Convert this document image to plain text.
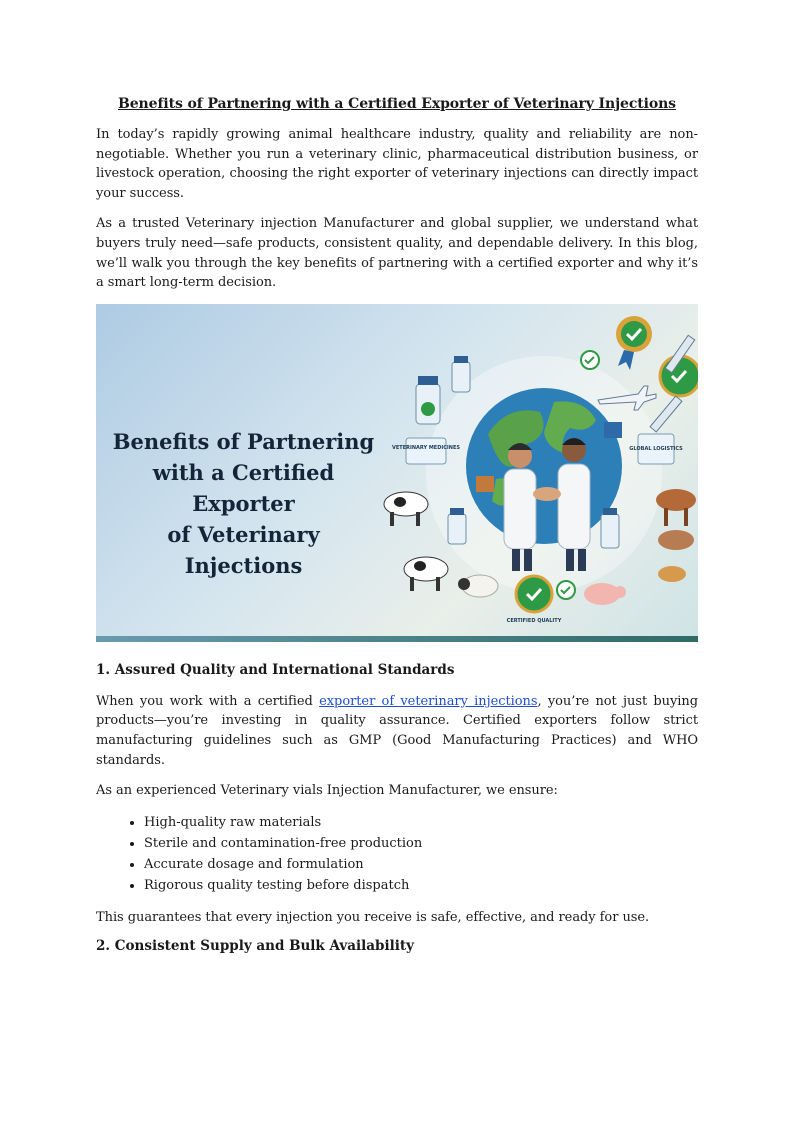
Benefits of Partnering with a Certified Exporter of Veterinary Injections

In today’s rapidly growing animal healthcare industry, quality and reliability are non-negotiable. Whether you run a veterinary clinic, pharmaceutical distribution business, or livestock operation, choosing the right exporter of veterinary injections can directly impact your success.

As a trusted Veterinary injection Manufacturer and global supplier, we understand what buyers truly need—safe products, consistent quality, and dependable delivery. In this blog, we’ll walk you through the key benefits of partnering with a certified exporter and why it’s a smart long-term decision.

Benefits of Partnering
with a Certified Exporter
of Veterinary Injections
VETERINARY MEDICINES	GLOBAL LOGISTICS
CERTIFIED QUALITY
1. Assured Quality and International Standards

When you work with a certified exporter of veterinary injections, you’re not just buying products—you’re investing in quality assurance. Certified exporters follow strict manufacturing guidelines such as GMP (Good Manufacturing Practices) and WHO standards.

As an experienced Veterinary vials Injection Manufacturer, we ensure:

• High-quality raw materials
• Sterile and contamination-free production
• Accurate dosage and formulation
• Rigorous quality testing before dispatch

This guarantees that every injection you receive is safe, effective, and ready for use.

2. Consistent Supply and Bulk Availability
